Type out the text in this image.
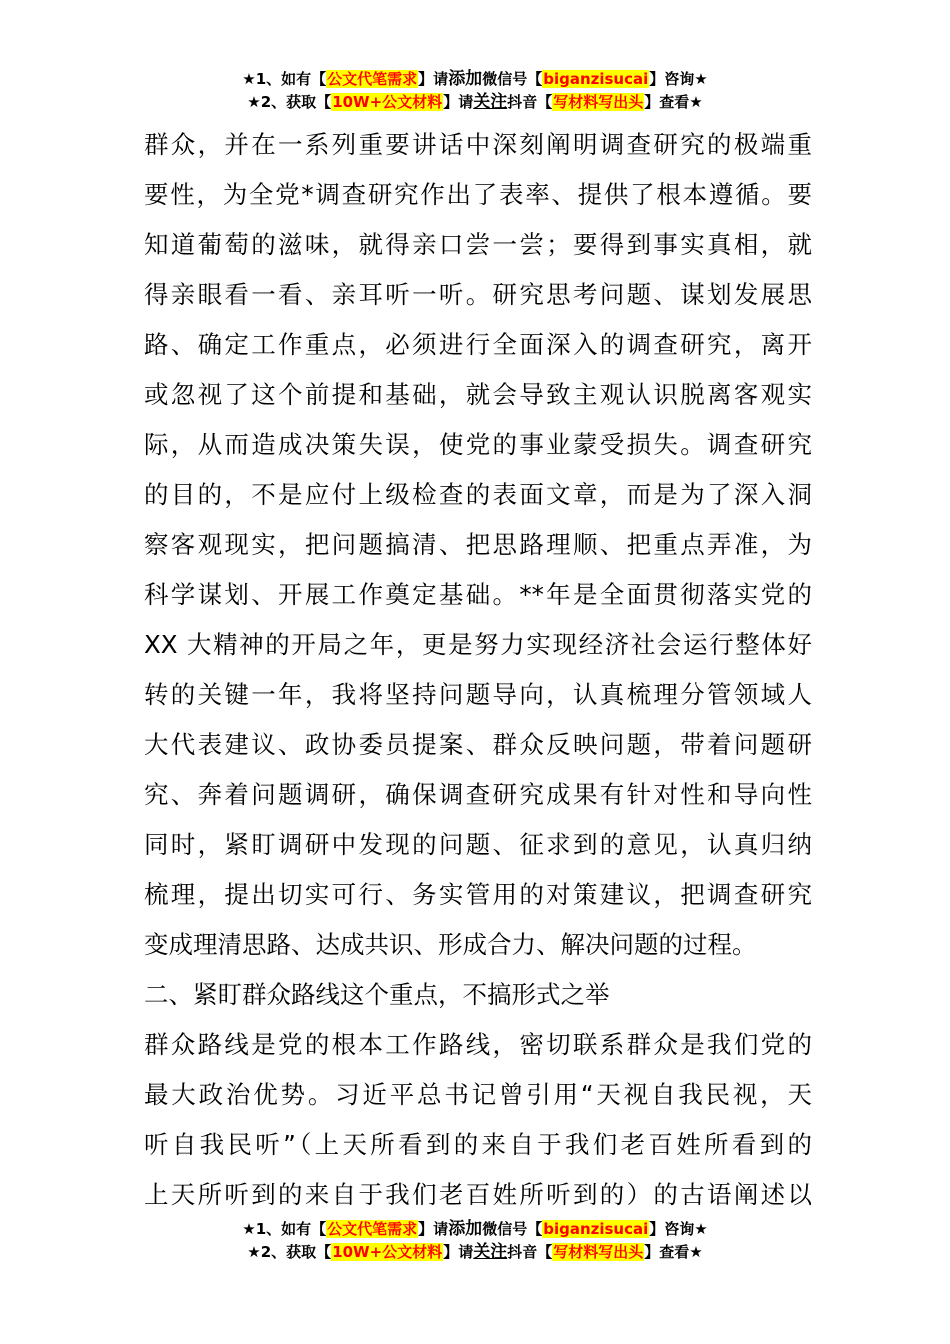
★1、如有【公文代笔需求】请添加微信号【biganzisucai】咨询★
★2、获取【10W+公文材料】请关注抖音【写材料写出头】查看★
群众，并在一系列重要讲话中深刻阐明调查研究的极端重
要性，为全党*调查研究作出了表率、提供了根本遵循。要
知道葡萄的滋味，就得亲口尝一尝；要得到事实真相，就
得亲眼看一看、亲耳听一听。研究思考问题、谋划发展思
路、确定工作重点，必须进行全面深入的调查研究，离开
或忽视了这个前提和基础，就会导致主观认识脱离客观实
际，从而造成决策失误，使党的事业蒙受损失。调查研究
的目的，不是应付上级检查的表面文章，而是为了深入洞
察客观现实，把问题搞清、把思路理顺、把重点弄准，为
科学谋划、开展工作奠定基础。**年是全面贯彻落实党的
XX 大精神的开局之年，更是努力实现经济社会运行整体好
转的关键一年，我将坚持问题导向，认真梳理分管领域人
大代表建议、政协委员提案、群众反映问题，带着问题研
究、奔着问题调研，确保调查研究成果有针对性和导向性
同时，紧盯调研中发现的问题、征求到的意见，认真归纳
梳理，提出切实可行、务实管用的对策建议，把调查研究
变成理清思路、达成共识、形成合力、解决问题的过程。
二、紧盯群众路线这个重点，不搞形式之举
群众路线是党的根本工作路线，密切联系群众是我们党的
最大政治优势。习近平总书记曾引用“天视自我民视，天
听自我民听”（上天所看到的来自于我们老百姓所看到的
上天所听到的来自于我们老百姓所听到的）的古语阐述以
★1、如有【公文代笔需求】请添加微信号【biganzisucai】咨询★
★2、获取【10W+公文材料】请关注抖音【写材料写出头】查看★
